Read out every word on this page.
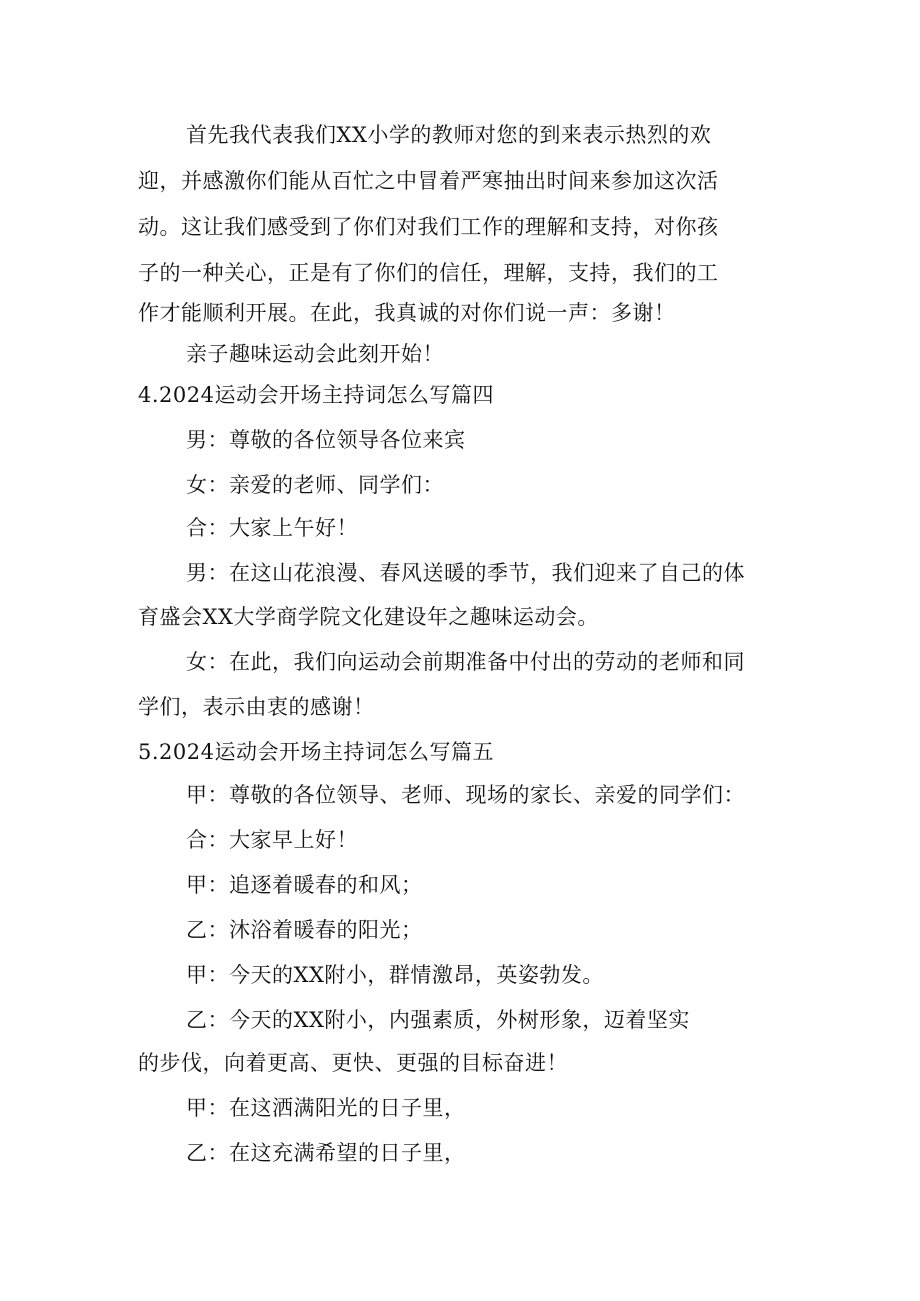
首先我代表我们XX小学的教师对您的到来表示热烈的欢
迎，并感激你们能从百忙之中冒着严寒抽出时间来参加这次活
动。这让我们感受到了你们对我们工作的理解和支持，对你孩
子的一种关心，正是有了你们的信任，理解，支持，我们的工
作才能顺利开展。在此，我真诚的对你们说一声：多谢！
亲子趣味运动会此刻开始！
4.2024运动会开场主持词怎么写篇四
男：尊敬的各位领导各位来宾
女：亲爱的老师、同学们：
合：大家上午好！
男：在这山花浪漫、春风送暖的季节，我们迎来了自己的体
育盛会XX大学商学院文化建设年之趣味运动会。
女：在此，我们向运动会前期准备中付出的劳动的老师和同
学们，表示由衷的感谢！
5.2024运动会开场主持词怎么写篇五
甲：尊敬的各位领导、老师、现场的家长、亲爱的同学们：
合：大家早上好！
甲：追逐着暖春的和风；
乙：沐浴着暖春的阳光；
甲：今天的XX附小，群情激昂，英姿勃发。
乙：今天的XX附小，内强素质，外树形象，迈着坚实
的步伐，向着更高、更快、更强的目标奋进！
甲：在这洒满阳光的日子里，
乙：在这充满希望的日子里，
